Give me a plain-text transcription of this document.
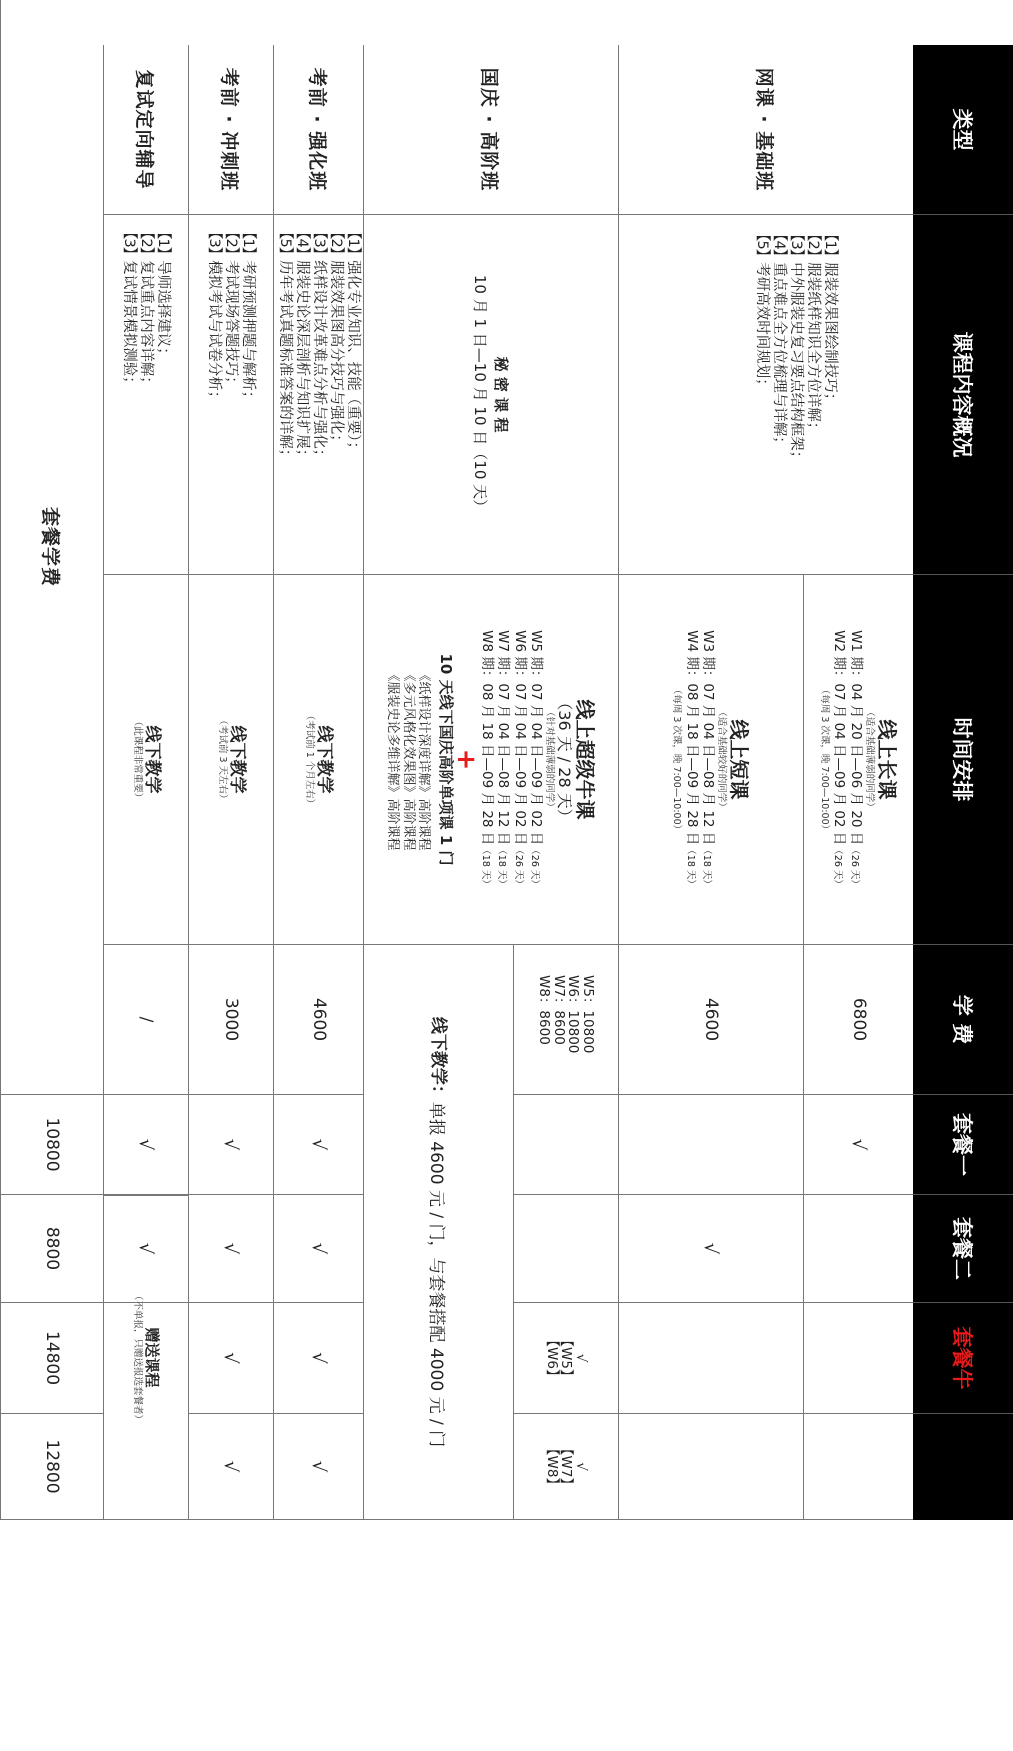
类型
课程内容概况
时间安排
学 费
套餐一
套餐二
套餐牛
网课 · 基础班
【1】服装效果图绘制技巧；
【2】服装纸样知识全方位详解；
【3】中外服装史复习要点结构框架；
【4】重点难点全方位梳理与详解；
【5】考研高效时间规划；
线上长课
（适合基础薄弱的同学）
W1 期：04 月 20 日—06 月 20 日（26 天）
W2 期：07 月 04 日—09 月 02 日（26 天）
（每周 3 次课，晚 7:00—10:00）
6800
√
线上短课
（适合基础较好的同学）
W3 期：07 月 04 日—08 月 12 日（18 天）
W4 期：08 月 18 日—09 月 28 日（18 天）
（每周 3 次课，晚 7:00—10:00）
4600
√
国庆 · 高阶班
秘 密 课 程
10 月 1 日—10 月 10 日（10 天）
线上超级牛课
（36 天 / 28 天）
（针对基础薄弱的同学）
W5 期：07 月 04 日—09 月 02 日（26 天）
W6 期：07 月 04 日—09 月 02 日（26 天）
W7 期：07 月 04 日—08 月 12 日（18 天）
W8 期：08 月 18 日—09 月 28 日（18 天）
+
10 天线下国庆高阶单项课 1 门
《纸样设计深度详解》高阶课程
《多元风格化效果图》高阶课程
《服装史论多维详解》高阶课程
W5：10800
W6：10800
W7：8600
W8：8600
√
【W5】
【W6】
√
【W7】
【W8】
线下教学：
单报 4600 元 / 门，与套餐搭配 4000 元 / 门
考前 · 强化班
【1】强化专业知识、技能（重要）；
【2】服装效果图高分技巧与强化；
【3】纸样设计改革难点分析与强化；
【4】服装史论深层剖析与知识扩展；
【5】历年考试真题标准答案的详解；
线下教学
（考试前 1 个月左右）
4600
√
√
√
√
考前 · 冲刺班
【1】考研预测押题与解析；
【2】考试现场答题技巧；
【3】模拟考试与试卷分析；
线下教学
（考试前 3 天左右）
3000
√
√
√
√
复试定向辅导
【1】导师选择建议；
【2】复试重点内容详解；
【3】复试情景模拟测验；
线下教学
（此课程非常重要）
/
√
√
赠送课程
（不单报，只赠送报选套餐者）
套餐学费
10800
8800
14800
12800
